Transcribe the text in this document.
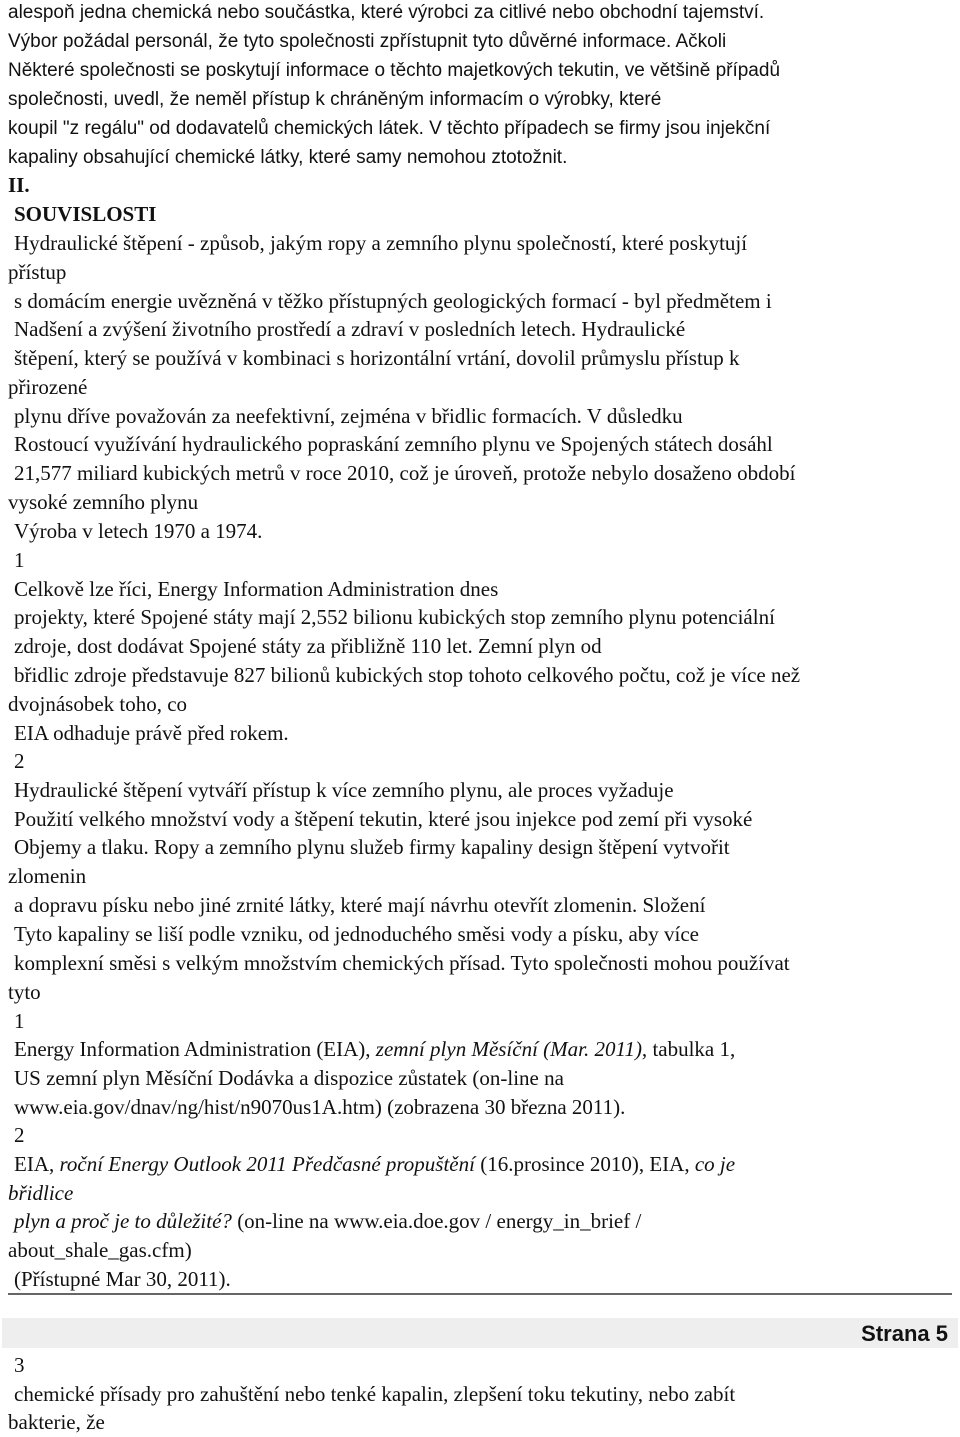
alespoň jedna chemická nebo součástka, které výrobci za citlivé nebo obchodní tajemství.
Výbor požádal personál, že tyto společnosti zpřístupnit tyto důvěrné informace. Ačkoli
Některé společnosti se poskytují informace o těchto majetkových tekutin, ve většině případů
společnosti, uvedl, že neměl přístup k chráněným informacím o výrobky, které
koupil "z regálu" od dodavatelů chemických látek. V těchto případech se firmy jsou injekční
kapaliny obsahující chemické látky, které samy nemohou ztotožnit.
II.
SOUVISLOSTI
Hydraulické štěpení - způsob, jakým ropy a zemního plynu společností, které poskytují
přístup
s domácím energie uvězněná v těžko přístupných geologických formací - byl předmětem i
Nadšení a zvýšení životního prostředí a zdraví v posledních letech. Hydraulické
štěpení, který se používá v kombinaci s horizontální vrtání, dovolil průmyslu přístup k
přirozené
plynu dříve považován za neefektivní, zejména v břidlic formacích. V důsledku
Rostoucí využívání hydraulického popraskání zemního plynu ve Spojených státech dosáhl
21,577 miliard kubických metrů v roce 2010, což je úroveň, protože nebylo dosaženo období
vysoké zemního plynu
Výroba v letech 1970 a 1974.
1
Celkově lze říci, Energy Information Administration dnes
projekty, které Spojené státy mají 2,552 bilionu kubických stop zemního plynu potenciální
zdroje, dost dodávat Spojené státy za přibližně 110 let. Zemní plyn od
břidlic zdroje představuje 827 bilionů kubických stop tohoto celkového počtu, což je více než
dvojnásobek toho, co
EIA odhaduje právě před rokem.
2
Hydraulické štěpení vytváří přístup k více zemního plynu, ale proces vyžaduje
Použití velkého množství vody a štěpení tekutin, které jsou injekce pod zemí při vysoké
Objemy a tlaku. Ropy a zemního plynu služeb firmy kapaliny design štěpení vytvořit
zlomenin
a dopravu písku nebo jiné zrnité látky, které mají návrhu otevřít zlomenin. Složení
Tyto kapaliny se liší podle vzniku, od jednoduchého směsi vody a písku, aby více
komplexní směsi s velkým množstvím chemických přísad. Tyto společnosti mohou používat
tyto
1
Energy Information Administration (EIA), zemní plyn Měsíční (Mar. 2011), tabulka 1,
US zemní plyn Měsíční Dodávka a dispozice zůstatek (on-line na
www.eia.gov/dnav/ng/hist/n9070us1A.htm) (zobrazena 30 března 2011).
2
EIA, roční Energy Outlook 2011 Předčasné propuštění (16.prosince 2010), EIA, co je
břidlice
plyn a proč je to důležité? (on-line na www.eia.doe.gov / energy_in_brief /
about_shale_gas.cfm)
(Přístupné Mar 30, 2011).
Strana 5
3
chemické přísady pro zahuštění nebo tenké kapalin, zlepšení toku tekutiny, nebo zabít
bakterie, že
